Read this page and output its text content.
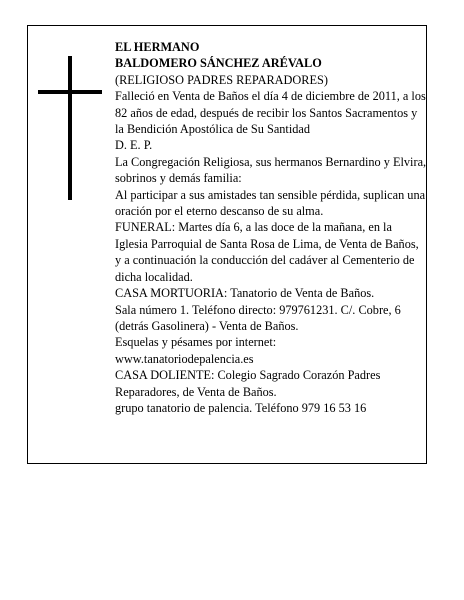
EL HERMANO

BALDOMERO SÁNCHEZ ARÉVALO

(RELIGIOSO PADRES REPARADORES)

Falleció en Venta de Baños el día 4 de diciembre de 2011, a los 82 años de edad, después de recibir los Santos Sacramentos y la Bendición Apostólica de Su Santidad

D. E. P.

La Congregación Religiosa, sus hermanos Bernardino y Elvira, sobrinos y demás familia:

Al participar a sus amistades tan sensible pérdida, suplican una oración por el eterno descanso de su alma.

FUNERAL: Martes día 6, a las doce de la mañana, en la Iglesia Parroquial de Santa Rosa de Lima, de Venta de Baños, y a continuación la conducción del cadáver al Cementerio de dicha localidad.

CASA MORTUORIA: Tanatorio de Venta de Baños.

Sala número 1. Teléfono directo: 979761231. C/. Cobre, 6 (detrás Gasolinera) - Venta de Baños.

Esquelas y pésames por internet:

www.tanatoriodepalencia.es

CASA DOLIENTE: Colegio Sagrado Corazón Padres Reparadores, de Venta de Baños.

grupo tanatorio de palencia. Teléfono 979 16 53 16
